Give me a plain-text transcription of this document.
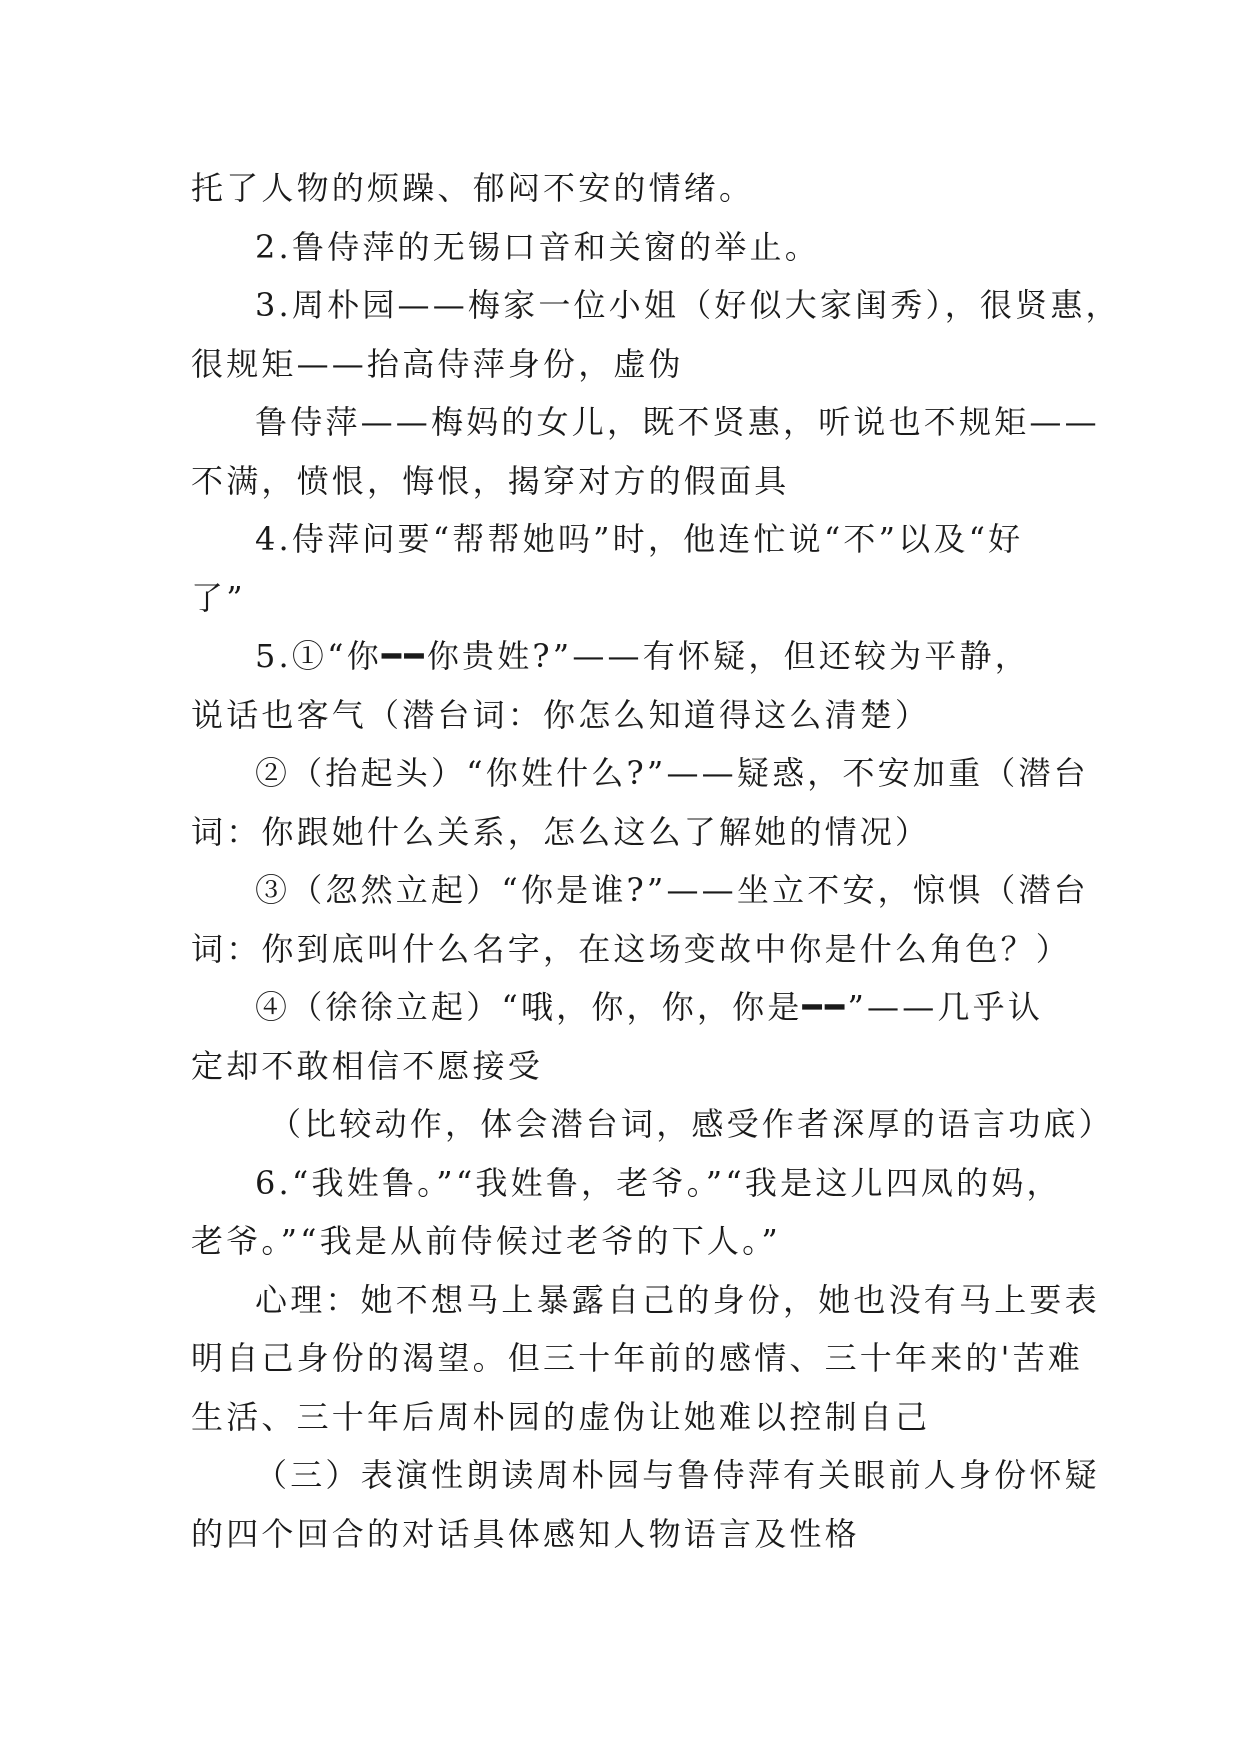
托了人物的烦躁、郁闷不安的情绪。
2.鲁侍萍的无锡口音和关窗的举止。
3.周朴园——梅家一位小姐（好似大家闺秀），很贤惠，
很规矩——抬高侍萍身份，虚伪
鲁侍萍——梅妈的女儿，既不贤惠，听说也不规矩——
不满，愤恨，悔恨，揭穿对方的假面具
4.侍萍问要“帮帮她吗”时，他连忙说“不”以及“好
了”
5.①“你━━你贵姓?”——有怀疑，但还较为平静，
说话也客气（潜台词：你怎么知道得这么清楚）
②（抬起头）“你姓什么?”——疑惑，不安加重（潜台
词：你跟她什么关系，怎么这么了解她的情况）
③（忽然立起）“你是谁?”——坐立不安，惊惧（潜台
词：你到底叫什么名字，在这场变故中你是什么角色？）
④（徐徐立起）“哦，你，你，你是━━”——几乎认
定却不敢相信不愿接受
（比较动作，体会潜台词，感受作者深厚的语言功底）
6.“我姓鲁。”“我姓鲁，老爷。”“我是这儿四凤的妈，
老爷。”“我是从前侍候过老爷的下人。”
心理：她不想马上暴露自己的身份，她也没有马上要表
明自己身份的渴望。但三十年前的感情、三十年来的'苦难
生活、三十年后周朴园的虚伪让她难以控制自己
（三）表演性朗读周朴园与鲁侍萍有关眼前人身份怀疑
的四个回合的对话具体感知人物语言及性格
